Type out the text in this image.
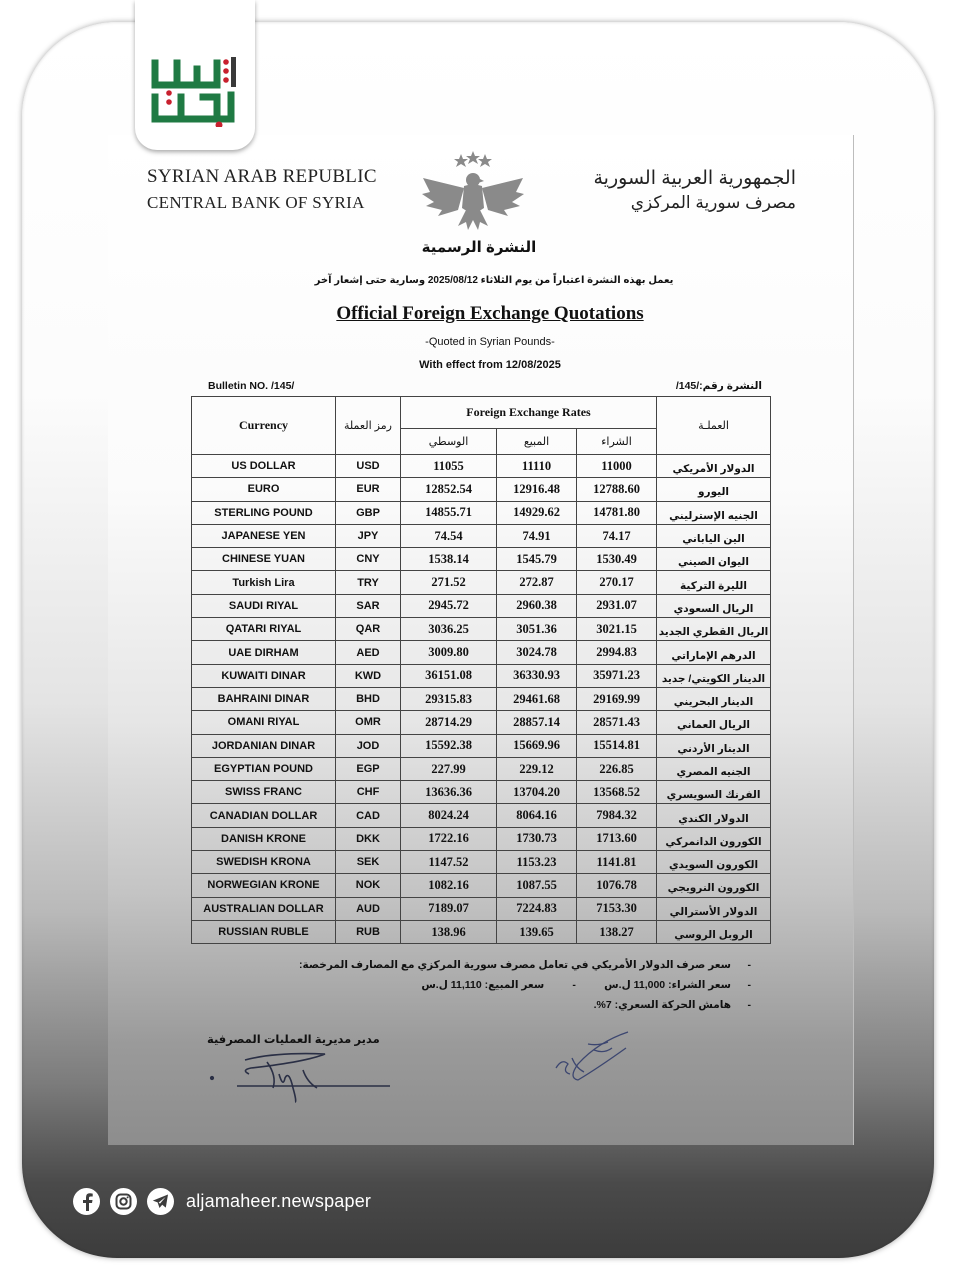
SYRIAN ARAB REPUBLIC
CENTRAL BANK OF SYRIA
الجمهورية العربية السورية
مصرف سورية المركزي
النشرة الرسمية
يعمل بهذه النشرة اعتباراً من يوم الثلاثاء 2025/08/12 وسارية حتى إشعار آخر
Official Foreign Exchange Quotations
-Quoted in Syrian Pounds-
With effect from 12/08/2025
Bulletin NO. /145/	النشرة رقم:/145/
Currency	رمز العملة	Foreign Exchange Rates			العملـة
		الوسطي	المبيع	الشراء	
US DOLLAR	USD	11055	11110	11000	الدولار الأمريكي
EURO	EUR	12852.54	12916.48	12788.60	اليورو
STERLING POUND	GBP	14855.71	14929.62	14781.80	الجنيه الإسترليني
JAPANESE YEN	JPY	74.54	74.91	74.17	الين الياباني
CHINESE YUAN	CNY	1538.14	1545.79	1530.49	اليوان الصيني
Turkish Lira	TRY	271.52	272.87	270.17	الليرة التركية
SAUDI RIYAL	SAR	2945.72	2960.38	2931.07	الريال السعودي
QATARI RIYAL	QAR	3036.25	3051.36	3021.15	الريال القطري الجديد
UAE DIRHAM	AED	3009.80	3024.78	2994.83	الدرهم الإماراتي
KUWAITI DINAR	KWD	36151.08	36330.93	35971.23	الدينار الكويتي/ جديد
BAHRAINI DINAR	BHD	29315.83	29461.68	29169.99	الدينار البحريني
OMANI RIYAL	OMR	28714.29	28857.14	28571.43	الريال العماني
JORDANIAN DINAR	JOD	15592.38	15669.96	15514.81	الدينار الأردني
EGYPTIAN POUND	EGP	227.99	229.12	226.85	الجنيه المصري
SWISS FRANC	CHF	13636.36	13704.20	13568.52	الفرنك السويسري
CANADIAN DOLLAR	CAD	8024.24	8064.16	7984.32	الدولار الكندي
DANISH KRONE	DKK	1722.16	1730.73	1713.60	الكورون الدانمركي
SWEDISH KRONA	SEK	1147.52	1153.23	1141.81	الكورون السويدي
NORWEGIAN KRONE	NOK	1082.16	1087.55	1076.78	الكورون النرويجي
AUSTRALIAN DOLLAR	AUD	7189.07	7224.83	7153.30	الدولار الأسترالي
RUSSIAN RUBLE	RUB	138.96	139.65	138.27	الروبل الروسي
-سعر صرف الدولار الأمريكي في تعامل مصرف سورية المركزي مع المصارف المرخصة:
-سعر الشراء: 11,000 ل.س-سعر المبيع: 11,110 ل.س
-هامش الحركة السعري: 7%.
مدير مديرية العمليات المصرفية
aljamaheer.newspaper
